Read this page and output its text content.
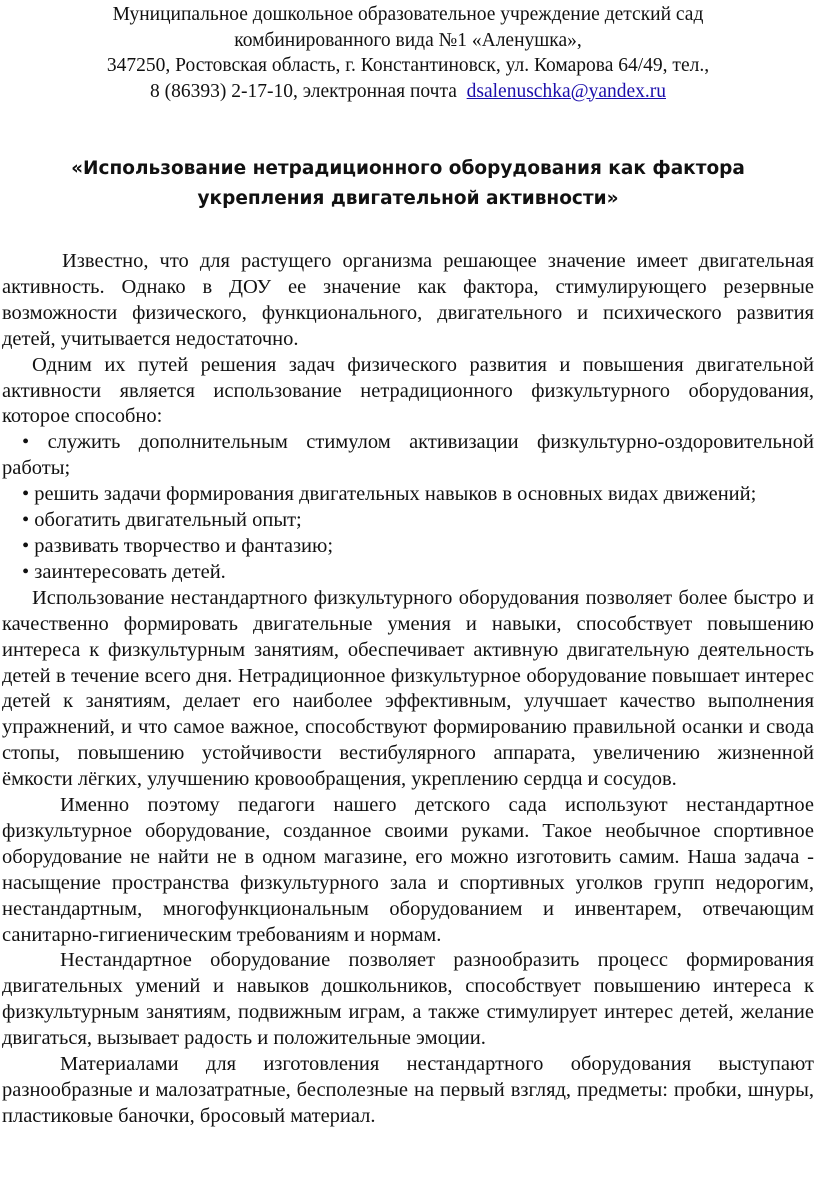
Муниципальное дошкольное образовательное учреждение детский сад
комбинированного вида №1 «Аленушка»,
347250, Ростовская область, г. Константиновск, ул. Комарова 64/49, тел.,
8 (86393) 2-17-10, электронная почта dsalenuschka@yandex.ru
«Использование нетрадиционного оборудования как фактора укрепления двигательной активности»

Известно, что для растущего организма решающее значение имеет двигательная активность. Однако в ДОУ ее значение как фактора, стимулирующего резервные возможности физического, функционального, двигательного и психического развития детей, учитывается недостаточно.

Одним их путей решения задач физического развития и повышения двигательной активности является использование нетрадиционного физкультурного оборудования, которое способно:

• служить дополнительным стимулом активизации физкультурно-оздоровительной работы;

• решить задачи формирования двигательных навыков в основных видах движений;

• обогатить двигательный опыт;

• развивать творчество и фантазию;

• заинтересовать детей.

Использование нестандартного физкультурного оборудования позволяет более быстро и качественно формировать двигательные умения и навыки, способствует повышению интереса к физкультурным занятиям, обеспечивает активную двигательную деятельность детей в течение всего дня. Нетрадиционное физкультурное оборудование повышает интерес детей к занятиям, делает его наиболее эффективным, улучшает качество выполнения упражнений, и что самое важное, способствуют формированию правильной осанки и свода стопы, повышению устойчивости вестибулярного аппарата, увеличению жизненной ёмкости лёгких, улучшению кровообращения, укреплению сердца и сосудов.

Именно поэтому педагоги нашего детского сада используют нестандартное физкультурное оборудование, созданное своими руками. Такое необычное спортивное оборудование не найти не в одном магазине, его можно изготовить самим. Наша задача - насыщение пространства физкультурного зала и спортивных уголков групп недорогим, нестандартным, многофункциональным оборудованием и инвентарем, отвечающим санитарно-гигиеническим требованиям и нормам.

Нестандартное оборудование позволяет разнообразить процесс формирования двигательных умений и навыков дошкольников, способствует повышению интереса к физкультурным занятиям, подвижным играм, а также стимулирует интерес детей, желание двигаться, вызывает радость и положительные эмоции.

Материалами для изготовления нестандартного оборудования выступают разнообразные и малозатратные, бесполезные на первый взгляд, предметы: пробки, шнуры, пластиковые баночки, бросовый материал.
